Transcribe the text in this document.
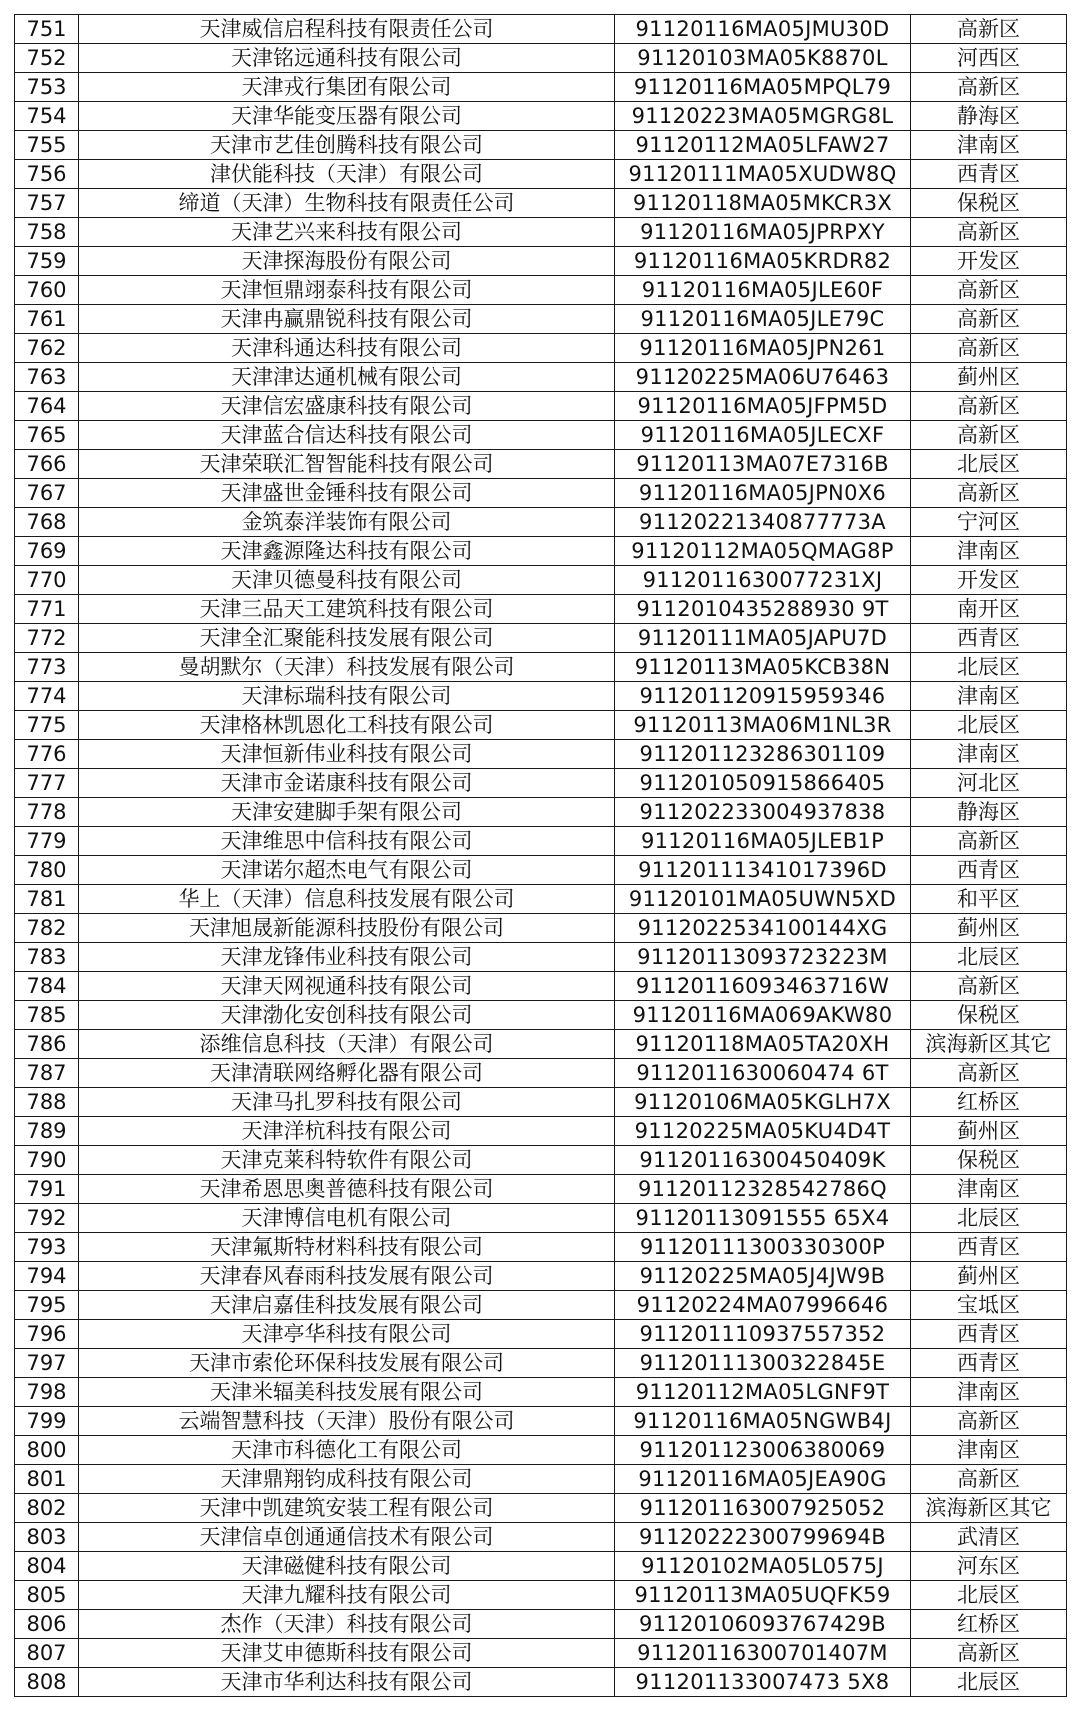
751	天津威信启程科技有限责任公司	91120116MA05JMU30D	高新区
752	天津铭远通科技有限公司	91120103MA05K8870L	河西区
753	天津戎行集团有限公司	91120116MA05MPQL79	高新区
754	天津华能变压器有限公司	91120223MA05MGRG8L	静海区
755	天津市艺佳创腾科技有限公司	91120112MA05LFAW27	津南区
756	津伏能科技（天津）有限公司	91120111MA05XUDW8Q	西青区
757	缔道（天津）生物科技有限责任公司	91120118MA05MKCR3X	保税区
758	天津艺兴来科技有限公司	91120116MA05JPRPXY	高新区
759	天津探海股份有限公司	91120116MA05KRDR82	开发区
760	天津恒鼎翊泰科技有限公司	91120116MA05JLE60F	高新区
761	天津冉赢鼎锐科技有限公司	91120116MA05JLE79C	高新区
762	天津科通达科技有限公司	91120116MA05JPN261	高新区
763	天津津达通机械有限公司	91120225MA06U76463	蓟州区
764	天津信宏盛康科技有限公司	91120116MA05JFPM5D	高新区
765	天津蓝合信达科技有限公司	91120116MA05JLECXF	高新区
766	天津荣联汇智智能科技有限公司	91120113MA07E7316B	北辰区
767	天津盛世金锤科技有限公司	91120116MA05JPN0X6	高新区
768	金筑泰洋装饰有限公司	91120221340877773A	宁河区
769	天津鑫源隆达科技有限公司	91120112MA05QMAG8P	津南区
770	天津贝德曼科技有限公司	9112011630077231XJ	开发区
771	天津三品天工建筑科技有限公司	9112010435288930 9T	南开区
772	天津全汇聚能科技发展有限公司	91120111MA05JAPU7D	西青区
773	曼胡默尔（天津）科技发展有限公司	91120113MA05KCB38N	北辰区
774	天津标瑞科技有限公司	911201120915959346	津南区
775	天津格林凯恩化工科技有限公司	91120113MA06M1NL3R	北辰区
776	天津恒新伟业科技有限公司	911201123286301109	津南区
777	天津市金诺康科技有限公司	911201050915866405	河北区
778	天津安建脚手架有限公司	911202233004937838	静海区
779	天津维思中信科技有限公司	91120116MA05JLEB1P	高新区
780	天津诺尔超杰电气有限公司	91120111341017396D	西青区
781	华上（天津）信息科技发展有限公司	91120101MA05UWN5XD	和平区
782	天津旭晟新能源科技股份有限公司	9112022534100144XG	蓟州区
783	天津龙锋伟业科技有限公司	91120113093723223M	北辰区
784	天津天网视通科技有限公司	91120116093463716W	高新区
785	天津渤化安创科技有限公司	91120116MA069AKW80	保税区
786	添维信息科技（天津）有限公司	91120118MA05TA20XH	滨海新区其它
787	天津清联网络孵化器有限公司	9112011630060474 6T	高新区
788	天津马扎罗科技有限公司	91120106MA05KGLH7X	红桥区
789	天津洋杭科技有限公司	91120225MA05KU4D4T	蓟州区
790	天津克莱科特软件有限公司	91120116300450409K	保税区
791	天津希恩思奥普德科技有限公司	91120112328542786Q	津南区
792	天津博信电机有限公司	91120113091555 65X4	北辰区
793	天津氟斯特材料科技有限公司	91120111300330300P	西青区
794	天津春风春雨科技发展有限公司	91120225MA05J4JW9B	蓟州区
795	天津启嘉佳科技发展有限公司	91120224MA07996646	宝坻区
796	天津亭华科技有限公司	911201110937557352	西青区
797	天津市索伦环保科技发展有限公司	91120111300322845E	西青区
798	天津米辐美科技发展有限公司	91120112MA05LGNF9T	津南区
799	云端智慧科技（天津）股份有限公司	91120116MA05NGWB4J	高新区
800	天津市科德化工有限公司	911201123006380069	津南区
801	天津鼎翔钧成科技有限公司	91120116MA05JEA90G	高新区
802	天津中凯建筑安装工程有限公司	911201163007925052	滨海新区其它
803	天津信卓创通通信技术有限公司	91120222300799694B	武清区
804	天津磁健科技有限公司	91120102MA05L0575J	河东区
805	天津九耀科技有限公司	91120113MA05UQFK59	北辰区
806	杰作（天津）科技有限公司	91120106093767429B	红桥区
807	天津艾申德斯科技有限公司	91120116300701407M	高新区
808	天津市华利达科技有限公司	911201133007473 5X8	北辰区
